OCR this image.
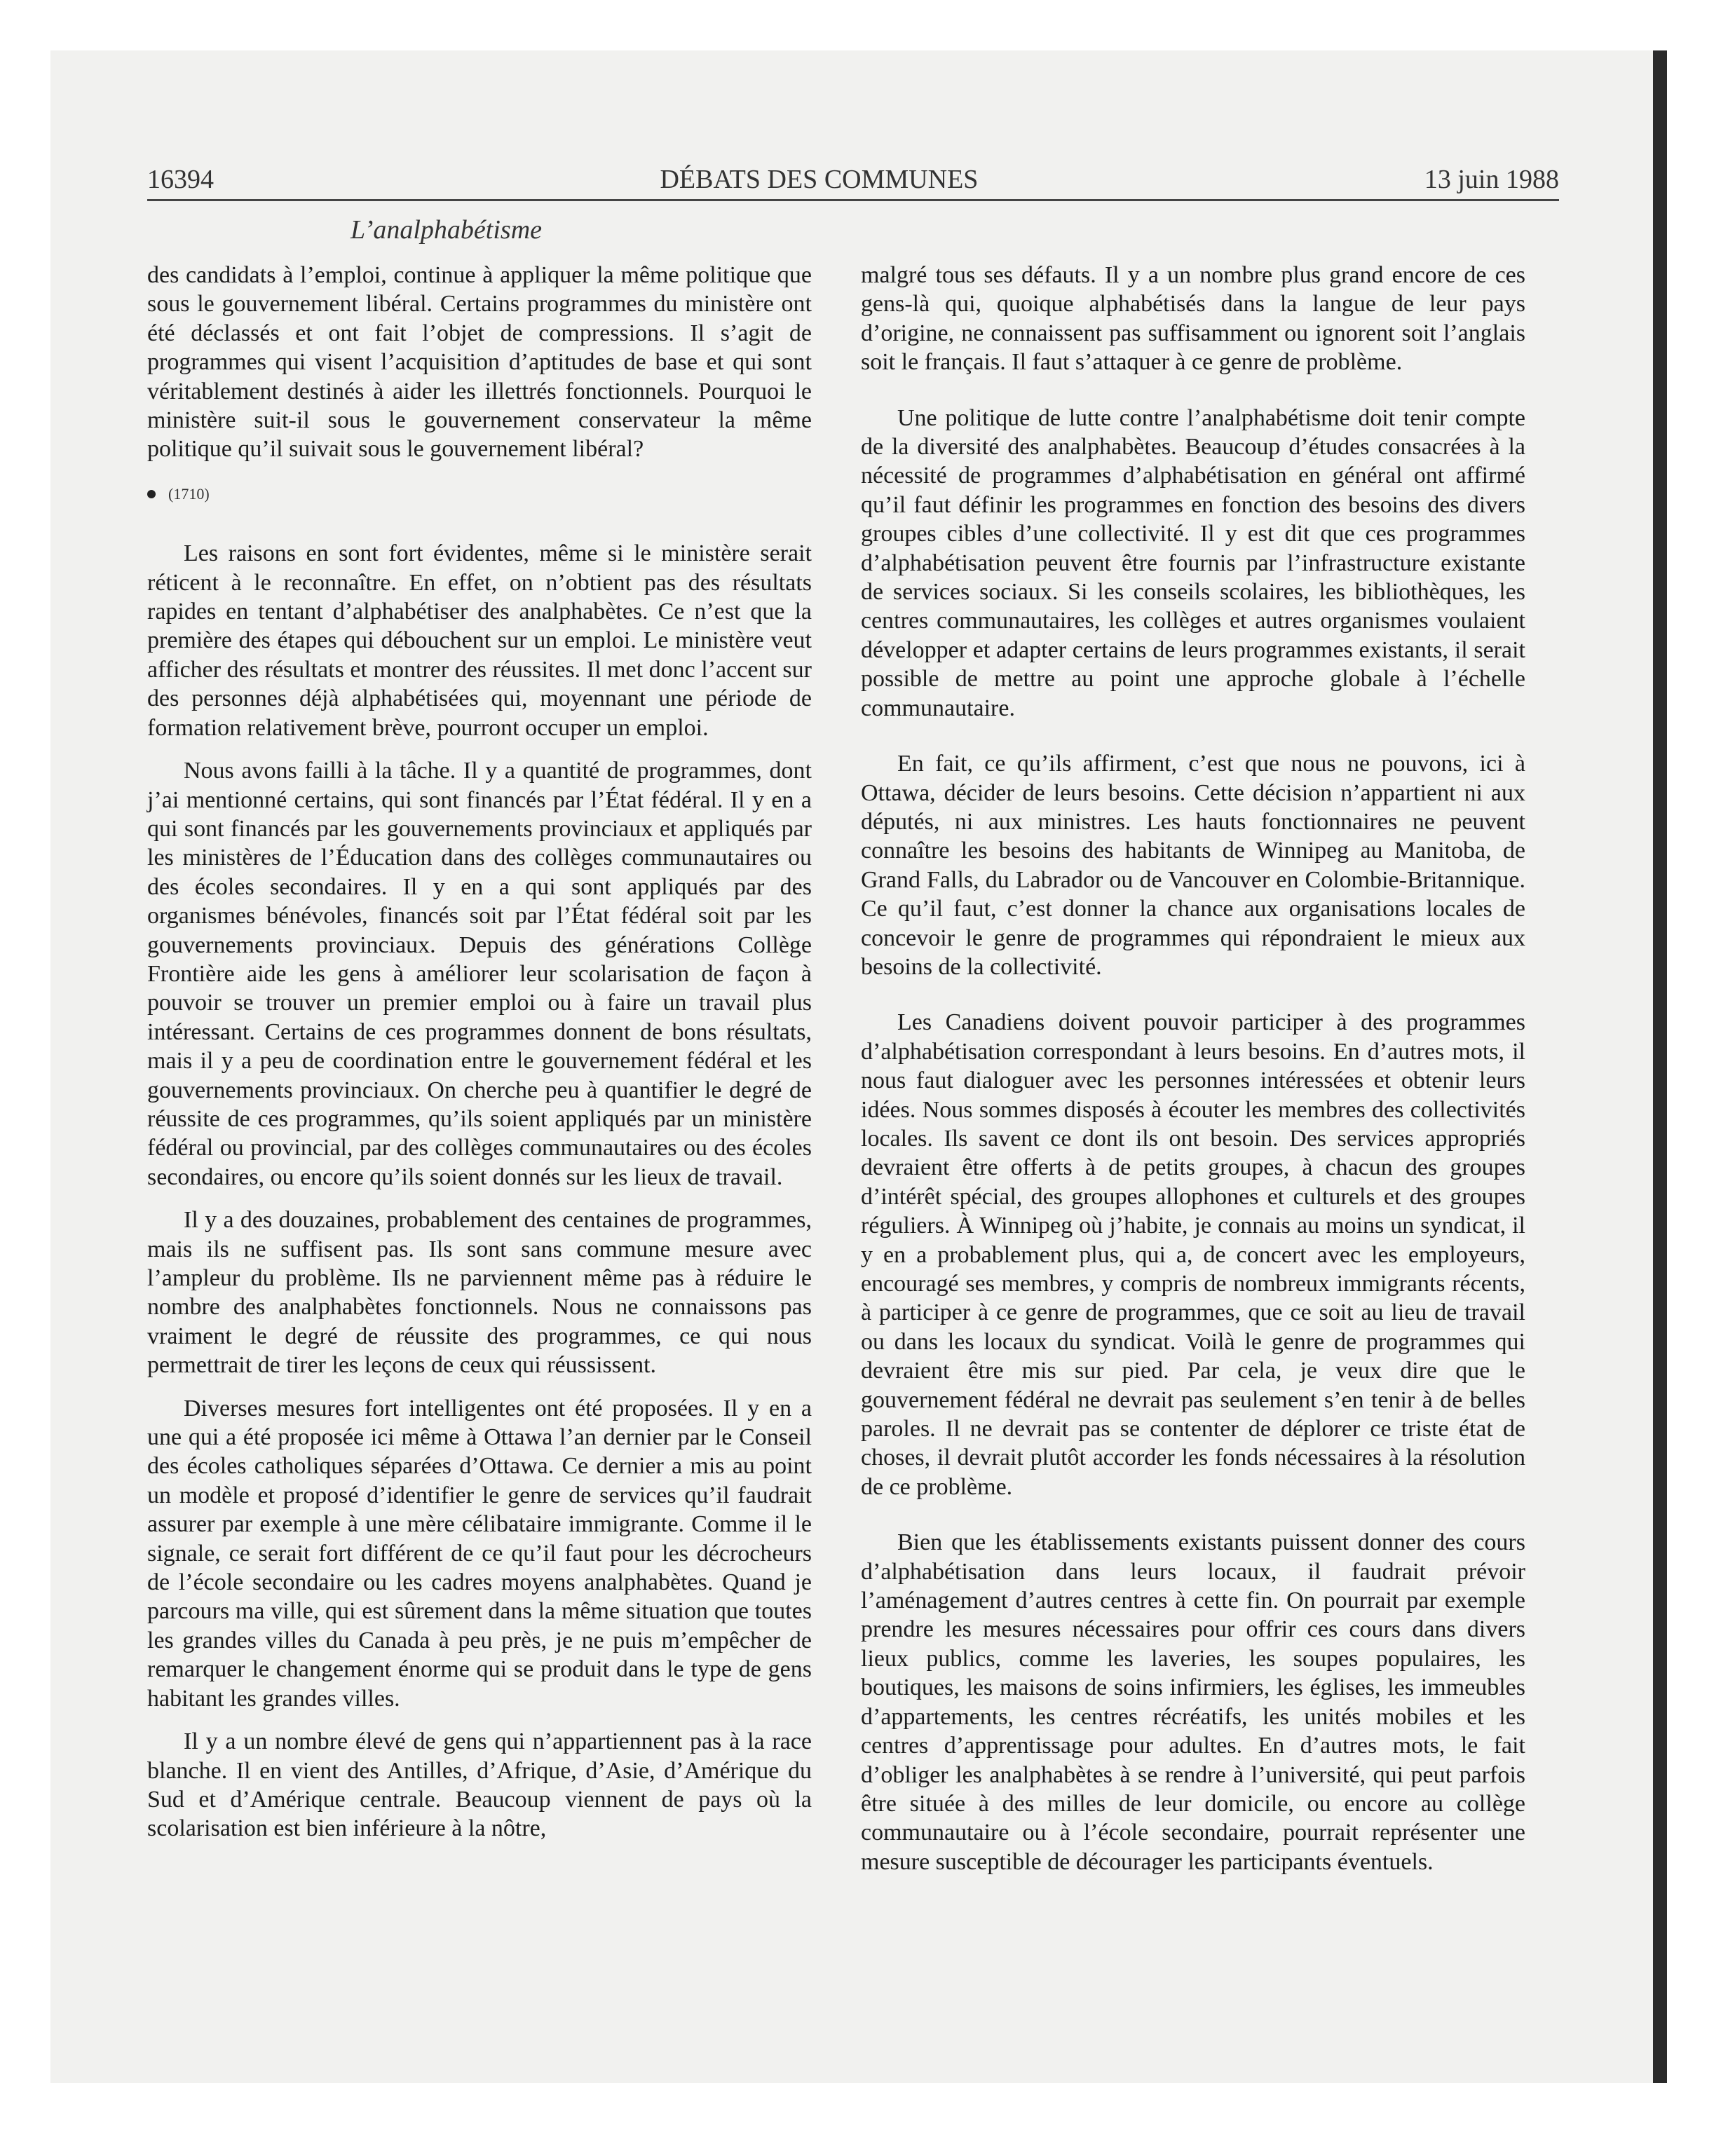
16394	DÉBATS DES COMMUNES	13 juin 1988
L’analphabétisme

des candidats à l’emploi, continue à appliquer la même politique que sous le gouvernement libéral. Certains programmes du ministère ont été déclassés et ont fait l’objet de compressions. Il s’agit de programmes qui visent l’acquisition d’aptitudes de base et qui sont véritablement destinés à aider les illettrés fonctionnels. Pourquoi le ministère suit-il sous le gouvernement conservateur la même politique qu’il suivait sous le gouvernement libéral?

(1710)

Les raisons en sont fort évidentes, même si le ministère serait réticent à le reconnaître. En effet, on n’obtient pas des résultats rapides en tentant d’alphabétiser des analphabètes. Ce n’est que la première des étapes qui débouchent sur un emploi. Le ministère veut afficher des résultats et montrer des réussites. Il met donc l’accent sur des personnes déjà alphabétisées qui, moyennant une période de formation relativement brève, pourront occuper un emploi.

Nous avons failli à la tâche. Il y a quantité de programmes, dont j’ai mentionné certains, qui sont financés par l’État fédéral. Il y en a qui sont financés par les gouvernements provinciaux et appliqués par les ministères de l’Éducation dans des collèges communautaires ou des écoles secondaires. Il y en a qui sont appliqués par des organismes bénévoles, financés soit par l’État fédéral soit par les gouvernements provinciaux. Depuis des générations Collège Frontière aide les gens à améliorer leur scolarisation de façon à pouvoir se trouver un premier emploi ou à faire un travail plus intéressant. Certains de ces programmes donnent de bons résultats, mais il y a peu de coordination entre le gouvernement fédéral et les gouvernements provinciaux. On cherche peu à quantifier le degré de réussite de ces programmes, qu’ils soient appliqués par un ministère fédéral ou provincial, par des collèges communautaires ou des écoles secondaires, ou encore qu’ils soient donnés sur les lieux de travail.

Il y a des douzaines, probablement des centaines de programmes, mais ils ne suffisent pas. Ils sont sans commune mesure avec l’ampleur du problème. Ils ne parviennent même pas à réduire le nombre des analphabètes fonctionnels. Nous ne connaissons pas vraiment le degré de réussite des programmes, ce qui nous permettrait de tirer les leçons de ceux qui réussissent.

Diverses mesures fort intelligentes ont été proposées. Il y en a une qui a été proposée ici même à Ottawa l’an dernier par le Conseil des écoles catholiques séparées d’Ottawa. Ce dernier a mis au point un modèle et proposé d’identifier le genre de services qu’il faudrait assurer par exemple à une mère célibataire immigrante. Comme il le signale, ce serait fort différent de ce qu’il faut pour les décrocheurs de l’école secondaire ou les cadres moyens analphabètes. Quand je parcours ma ville, qui est sûrement dans la même situation que toutes les grandes villes du Canada à peu près, je ne puis m’empêcher de remarquer le changement énorme qui se produit dans le type de gens habitant les grandes villes.

Il y a un nombre élevé de gens qui n’appartiennent pas à la race blanche. Il en vient des Antilles, d’Afrique, d’Asie, d’Amérique du Sud et d’Amérique centrale. Beaucoup viennent de pays où la scolarisation est bien inférieure à la nôtre,

malgré tous ses défauts. Il y a un nombre plus grand encore de ces gens-là qui, quoique alphabétisés dans la langue de leur pays d’origine, ne connaissent pas suffisamment ou ignorent soit l’anglais soit le français. Il faut s’attaquer à ce genre de problème.

Une politique de lutte contre l’analphabétisme doit tenir compte de la diversité des analphabètes. Beaucoup d’études consacrées à la nécessité de programmes d’alphabétisation en général ont affirmé qu’il faut définir les programmes en fonction des besoins des divers groupes cibles d’une collectivité. Il y est dit que ces programmes d’alphabétisation peuvent être fournis par l’infrastructure existante de services sociaux. Si les conseils scolaires, les bibliothèques, les centres communautaires, les collèges et autres organismes voulaient développer et adapter certains de leurs programmes existants, il serait possible de mettre au point une approche globale à l’échelle communautaire.

En fait, ce qu’ils affirment, c’est que nous ne pouvons, ici à Ottawa, décider de leurs besoins. Cette décision n’appartient ni aux députés, ni aux ministres. Les hauts fonctionnaires ne peuvent connaître les besoins des habitants de Winnipeg au Manitoba, de Grand Falls, du Labrador ou de Vancouver en Colombie-Britannique. Ce qu’il faut, c’est donner la chance aux organisations locales de concevoir le genre de programmes qui répondraient le mieux aux besoins de la collectivité.

Les Canadiens doivent pouvoir participer à des programmes d’alphabétisation correspondant à leurs besoins. En d’autres mots, il nous faut dialoguer avec les personnes intéressées et obtenir leurs idées. Nous sommes disposés à écouter les membres des collectivités locales. Ils savent ce dont ils ont besoin. Des services appropriés devraient être offerts à de petits groupes, à chacun des groupes d’intérêt spécial, des groupes allophones et culturels et des groupes réguliers. À Winnipeg où j’habite, je connais au moins un syndicat, il y en a probablement plus, qui a, de concert avec les employeurs, encouragé ses membres, y compris de nombreux immigrants récents, à participer à ce genre de programmes, que ce soit au lieu de travail ou dans les locaux du syndicat. Voilà le genre de programmes qui devraient être mis sur pied. Par cela, je veux dire que le gouvernement fédéral ne devrait pas seulement s’en tenir à de belles paroles. Il ne devrait pas se contenter de déplorer ce triste état de choses, il devrait plutôt accorder les fonds nécessaires à la résolution de ce problème.

Bien que les établissements existants puissent donner des cours d’alphabétisation dans leurs locaux, il faudrait prévoir l’aménagement d’autres centres à cette fin. On pourrait par exemple prendre les mesures nécessaires pour offrir ces cours dans divers lieux publics, comme les laveries, les soupes populaires, les boutiques, les maisons de soins infirmiers, les églises, les immeubles d’appartements, les centres récréatifs, les unités mobiles et les centres d’apprentissage pour adultes. En d’autres mots, le fait d’obliger les analphabètes à se rendre à l’université, qui peut parfois être située à des milles de leur domicile, ou encore au collège communautaire ou à l’école secondaire, pourrait représenter une mesure susceptible de décourager les participants éventuels.
